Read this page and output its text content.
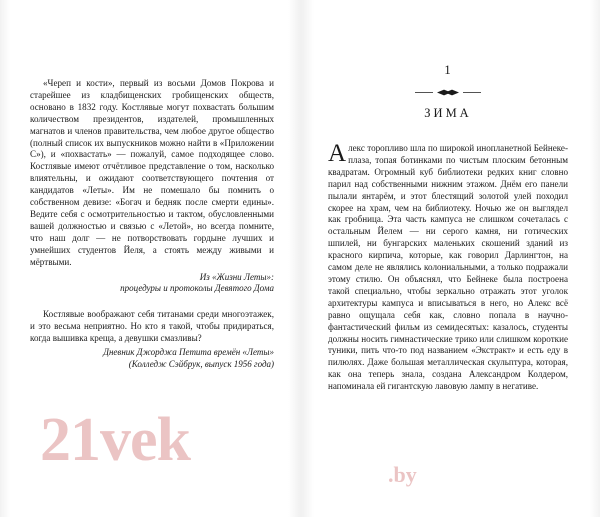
«Череп и кости», первый из восьми Домов Покрова и старейшее из кладбищенских гробищенских обществ, основано в 1832 году. Костлявые могут похвастать большим количеством президентов, издателей, промышленных магнатов и членов правительства, чем любое другое общество (полный список их выпускников можно найти в «Приложении С»), и «похвастать» — пожалуй, самое подходящее слово. Костлявые имеют отчётливое представление о том, насколько влиятельны, и ожидают соответствующего почтения от кандидатов «Леты». Им не помешало бы помнить о собственном девизе: «Богач и бедняк после смерти едины». Ведите себя с осмотрительностью и тактом, обусловленными вашей должностью и связью с «Летой», но всегда помните, что наш долг — не потворствовать гордыне лучших и умнейших студентов Йеля, а стоять между живыми и мёртвыми.

Из «Жизни Леты»:
процедуры и протоколы Девятого Дома

Костлявые воображают себя титанами среди многоэтажек, и это весьма неприятно. Но кто я такой, чтобы придираться, когда вышивка креща, а девушки смазливы?

Дневник Джорджа Петита времён «Леты»
(Колледж Сэйбрук, выпуск 1956 года)
1
ЗИМА

Алекс торопливо шла по широкой инопланетной Бейнеке-плаза, топая ботинками по чистым плоским бетонным квадратам. Огромный куб библиотеки редких книг словно парил над собственными нижним этажом. Днём его панели пылали янтарём, и этот блестящий золотой улей походил скорее на храм, чем на библиотеку. Ночью же он выглядел как гробница. Эта часть кампуса не слишком сочеталась с остальным Йелем — ни серого камня, ни готических шпилей, ни бунгарских маленьких скошений зданий из красного кирпича, которые, как говорил Дарлингтон, на самом деле не являлись колониальными, а только подражали этому стилю. Он объяснял, что Бейнеке была построена такой специально, чтобы зеркально отражать этот уголок архитектуры кампуса и вписываться в него, но Алекс всё равно ощущала себя как, словно попала в научно-фантастический фильм из семидесятых: казалось, студенты должны носить гимнастические трико или слишком короткие туники, пить что-то под названием «Экстракт» и есть еду в пилюлях. Даже большая металлическая скульптура, которая, как она теперь знала, создана Александром Колдером, напоминала ей гигантскую лавовую лампу в негативе.

21vek
.by
